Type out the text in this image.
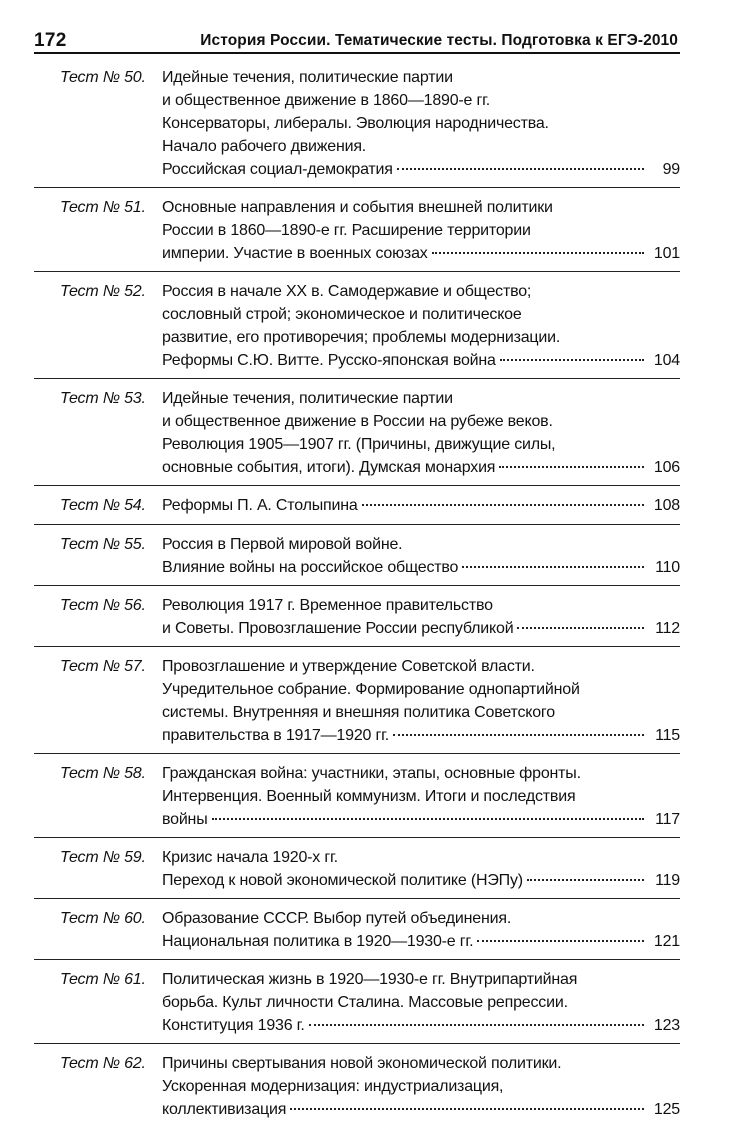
172	История России. Тематические тесты. Подготовка к ЕГЭ-2010
Тест № 50.	Идейные течения, политические партии
и общественное движение в 1860—1890-е гг.
Консерваторы, либералы. Эволюция народничества.
Начало рабочего движения.
Российская социал-демократия	99
Тест № 51.	Основные направления и события внешней политики
России в 1860—1890-е гг. Расширение территории
империи. Участие в военных союзах	101
Тест № 52.	Россия в начале XX в. Самодержавие и общество;
сословный строй; экономическое и политическое
развитие, его противоречия; проблемы модернизации.
Реформы С.Ю. Витте. Русско-японская война	104
Тест № 53.	Идейные течения, политические партии
и общественное движение в России на рубеже веков.
Революция 1905—1907 гг. (Причины, движущие силы,
основные события, итоги). Думская монархия	106
Тест № 54.	Реформы П. А. Столыпина	108
Тест № 55.	Россия в Первой мировой войне.
Влияние войны на российское общество	110
Тест № 56.	Революция 1917 г. Временное правительство
и Советы. Провозглашение России республикой	112
Тест № 57.	Провозглашение и утверждение Советской власти.
Учредительное собрание. Формирование однопартийной
системы. Внутренняя и внешняя политика Советского
правительства в 1917—1920 гг.	115
Тест № 58.	Гражданская война: участники, этапы, основные фронты.
Интервенция. Военный коммунизм. Итоги и последствия
войны	117
Тест № 59.	Кризис начала 1920-х гг.
Переход к новой экономической политике (НЭПу)	119
Тест № 60.	Образование СССР. Выбор путей объединения.
Национальная политика в 1920—1930-е гг.	121
Тест № 61.	Политическая жизнь в 1920—1930-е гг. Внутрипартийная
борьба. Культ личности Сталина. Массовые репрессии.
Конституция 1936 г.	123
Тест № 62.	Причины свертывания новой экономической политики.
Ускоренная модернизация: индустриализация,
коллективизация	125
